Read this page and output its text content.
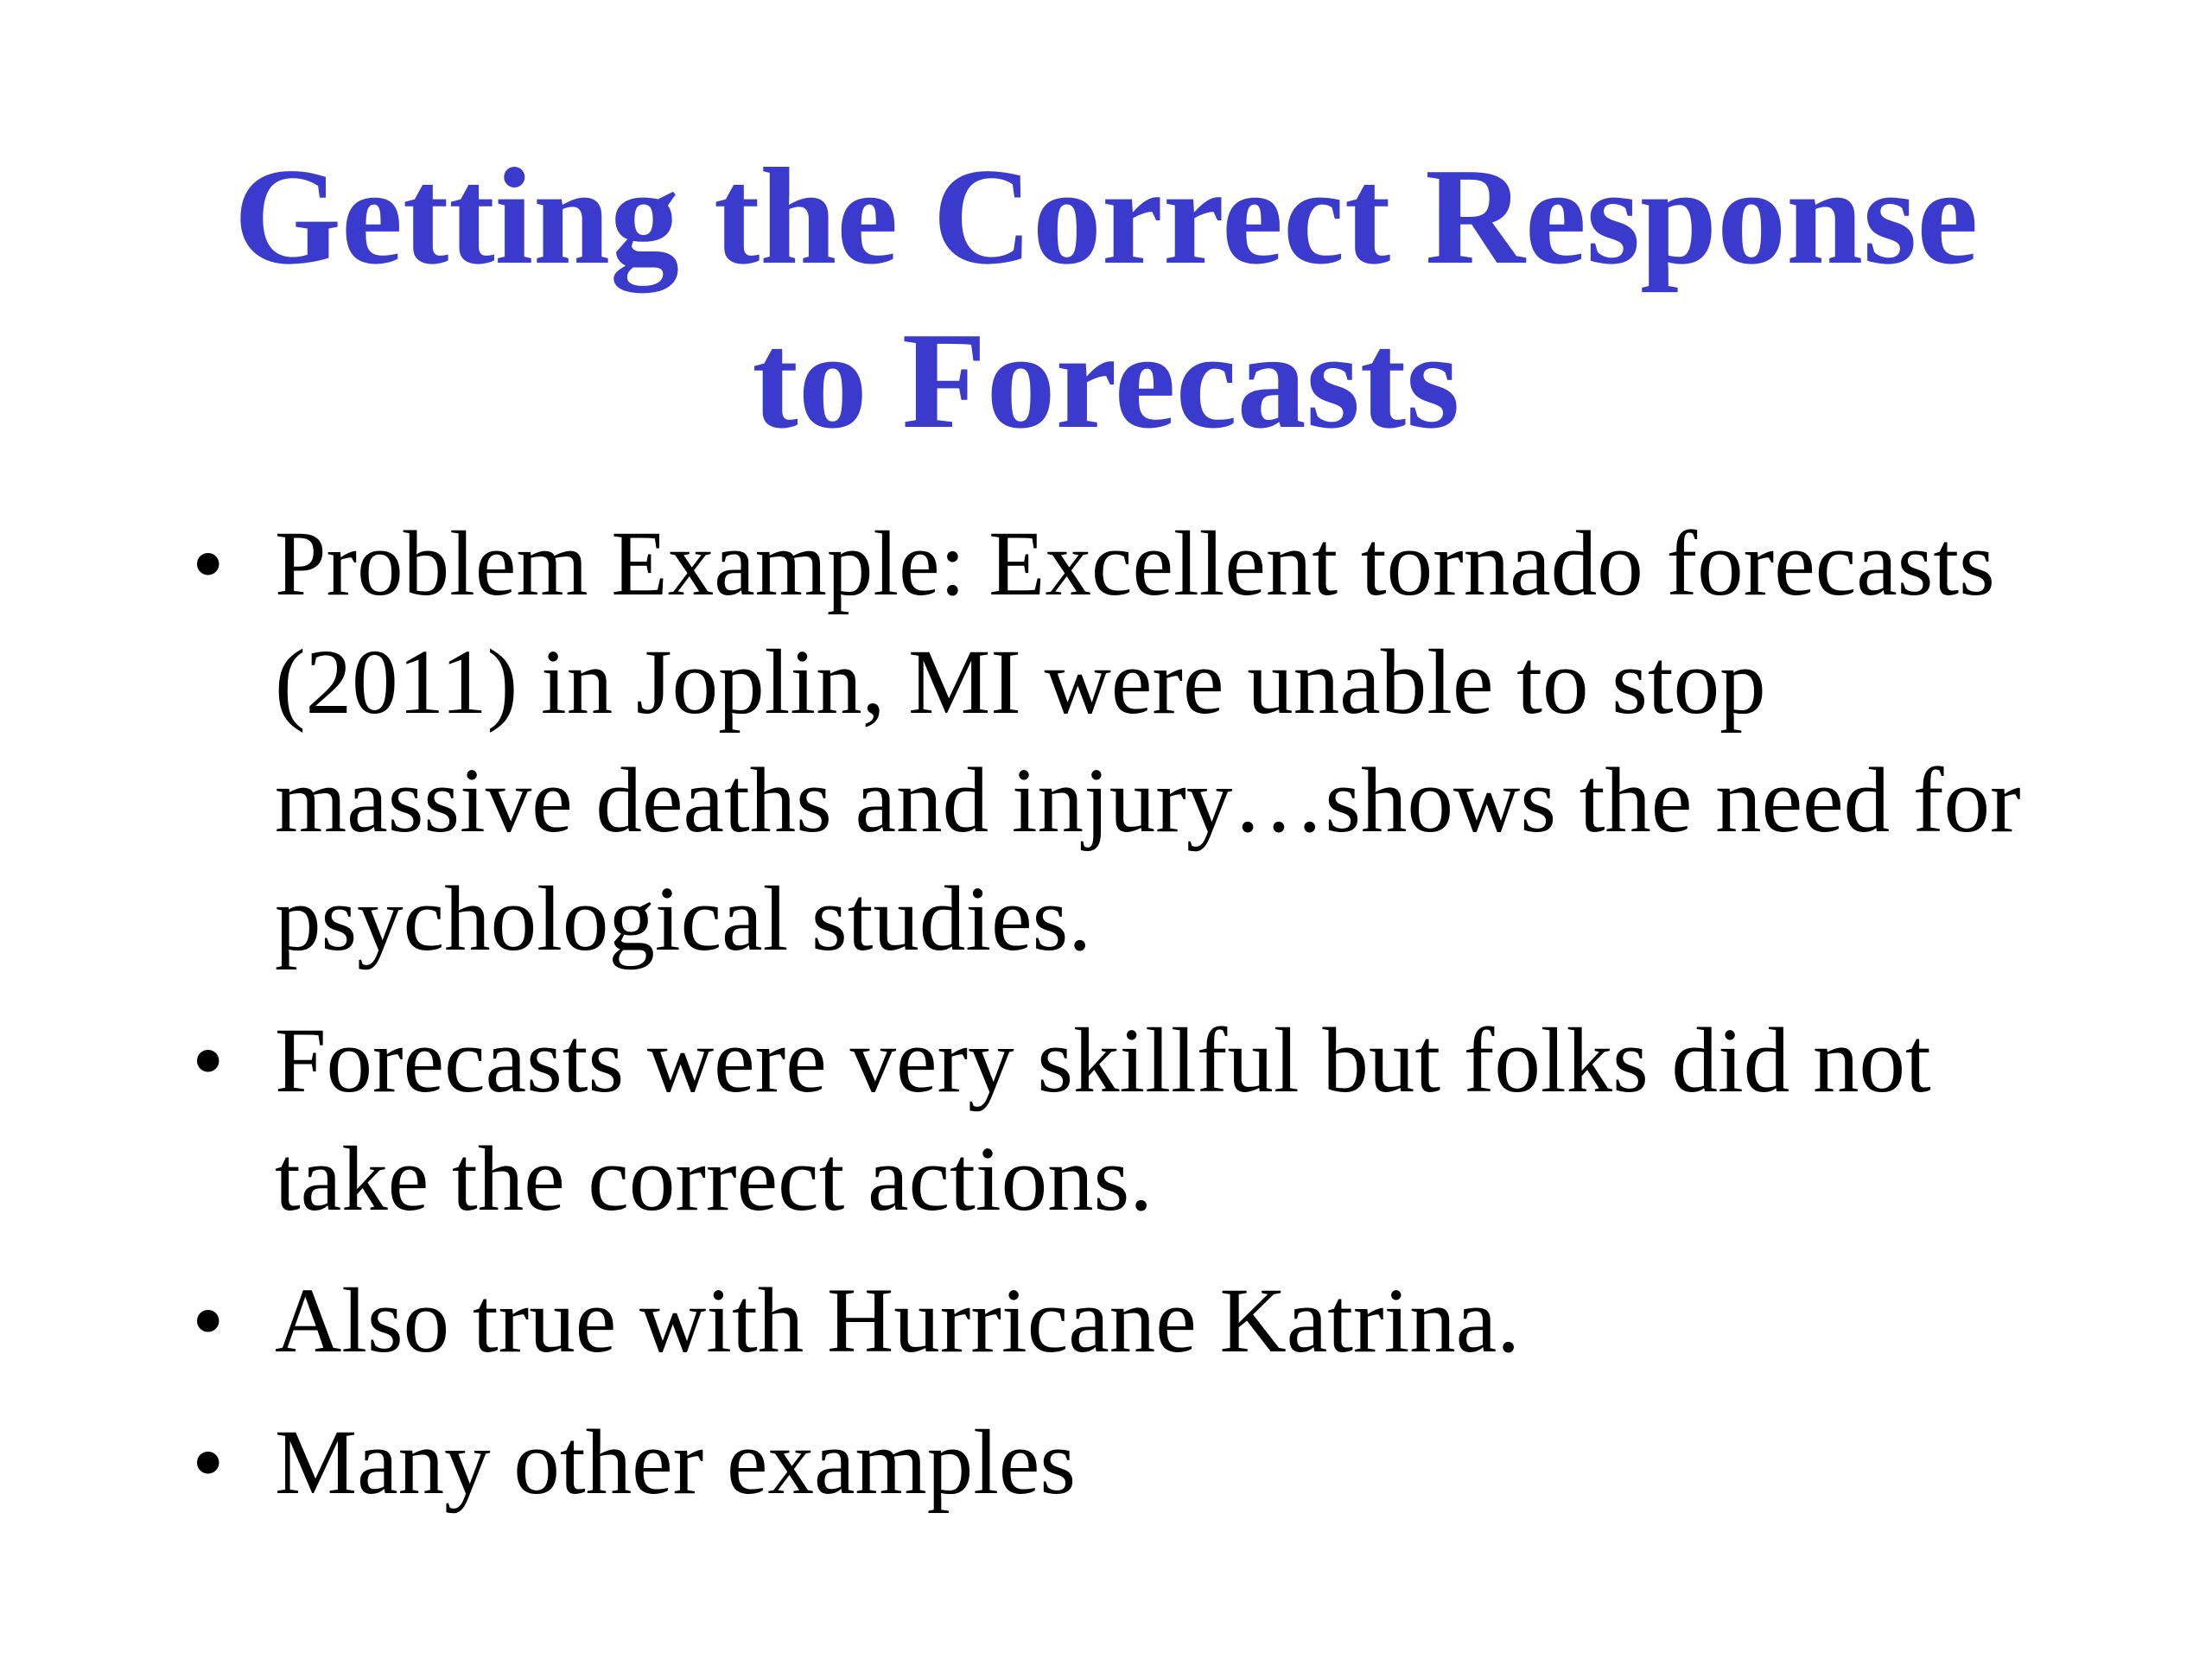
Getting the Correct Response
to Forecasts
• Problem Example: Excellent tornado forecasts (2011) in Joplin, MI were unable to stop massive deaths and injury…shows the need for psychological studies.
• Forecasts were very skillful but folks did not take the correct actions.
• Also true with Hurricane Katrina.
• Many other examples
